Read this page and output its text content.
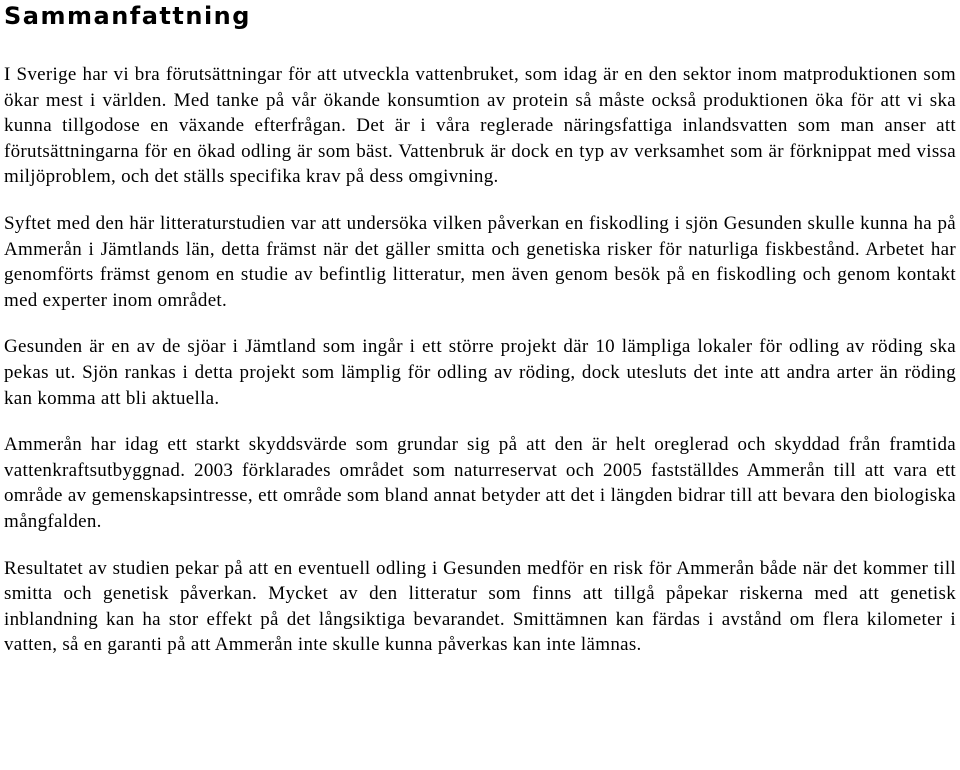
Sammanfattning

I Sverige har vi bra förutsättningar för att utveckla vattenbruket, som idag är en den sektor inom matproduktionen som ökar mest i världen. Med tanke på vår ökande konsumtion av protein så måste också produktionen öka för att vi ska kunna tillgodose en växande efterfrågan. Det är i våra reglerade näringsfattiga inlandsvatten som man anser att förutsättningarna för en ökad odling är som bäst. Vattenbruk är dock en typ av verksamhet som är förknippat med vissa miljöproblem, och det ställs specifika krav på dess omgivning.

Syftet med den här litteraturstudien var att undersöka vilken påverkan en fiskodling i sjön Gesunden skulle kunna ha på Ammerån i Jämtlands län, detta främst när det gäller smitta och genetiska risker för naturliga fiskbestånd. Arbetet har genomförts främst genom en studie av befintlig litteratur, men även genom besök på en fiskodling och genom kontakt med experter inom området.

Gesunden är en av de sjöar i Jämtland som ingår i ett större projekt där 10 lämpliga lokaler för odling av röding ska pekas ut. Sjön rankas i detta projekt som lämplig för odling av röding, dock utesluts det inte att andra arter än röding kan komma att bli aktuella.

Ammerån har idag ett starkt skyddsvärde som grundar sig på att den är helt oreglerad och skyddad från framtida vattenkraftsutbyggnad. 2003 förklarades området som naturreservat och 2005 fastställdes Ammerån till att vara ett område av gemenskapsintresse, ett område som bland annat betyder att det i längden bidrar till att bevara den biologiska mångfalden.

Resultatet av studien pekar på att en eventuell odling i Gesunden medför en risk för Ammerån både när det kommer till smitta och genetisk påverkan. Mycket av den litteratur som finns att tillgå påpekar riskerna med att genetisk inblandning kan ha stor effekt på det långsiktiga bevarandet. Smittämnen kan färdas i avstånd om flera kilometer i vatten, så en garanti på att Ammerån inte skulle kunna påverkas kan inte lämnas.
